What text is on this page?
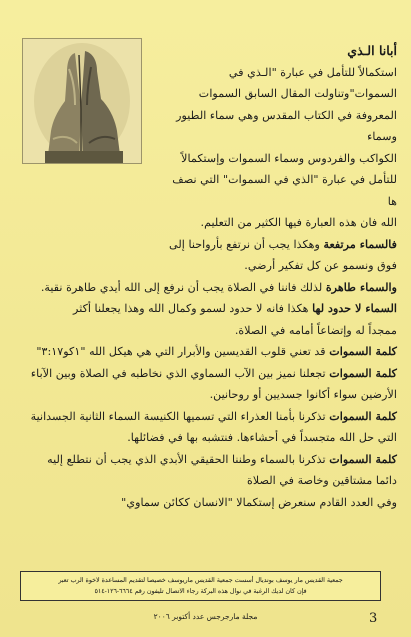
أبانا الـذي

استكمالاً للتأمل في عبارة "الـذي في

السموات"وتناولت المقال السابق السموات

المعروفة في الكتاب المقدس وهي سماء الطيور وسماء

الكواكب والفردوس وسماء السموات وإستكمالاً

للتأمل في عبارة "الذي في السموات" التي نصف ها

الله فان هذه العبارة فيها الكثير من التعليم.

فالسماء مرتفعة وهكذا يجب أن نرتفع بأرواحنا إلى

فوق ونسمو عن كل تفكير أرضي.

والسماء طاهرة لذلك فاننا في الصلاة يجب أن نرفع إلى الله أيدي طاهرة نقية.

السماء لا حدود لها هكذا فانه لا حدود لسمو وكمال الله وهذا يجعلنا أكثر

ممجداً له وإتضاعاً أمامه في الصلاة.

كلمة السموات قد تعني قلوب القديسين والأبرار التي هي هيكل الله "١كو٣:١٧"

كلمة السموات تجعلنا نميز بين الآب السماوي الذي نخاطبه في الصلاة وبين الآباء

الأرضين سواء أكانوا جسديين أو روحانين.

كلمة السموات تذكرنا بأمنا العذراء التي تسميها الكنيسة السماء الثانية الجسدانية

التي حل الله متجسداً في أحشاءها. فنتشبه بها في فضائلها.

كلمة السموات تذكرنا بالسماء وطننا الحقيقي الأبدي الذي يجب أن نتطلع إليه

دائما مشتاقين وخاصة في الصلاة

وفي العدد القادم سنعرض إستكمالا "الانسان ككائن سماوي"

جمعية القديس مار يوسف بونديال أسست جمعية القديس ماريوسف خصيصا لتقديم المساعدة لاخوة الرب تعبر
فإن كان لديك الرغبة في نوال هذه البركة رجاء الاتصال تليفون رقم ٦٦٦٤-١٢٦-٥١٤
مجلة مارجرجس عدد أكتوبر ٢٠٠٦	3
